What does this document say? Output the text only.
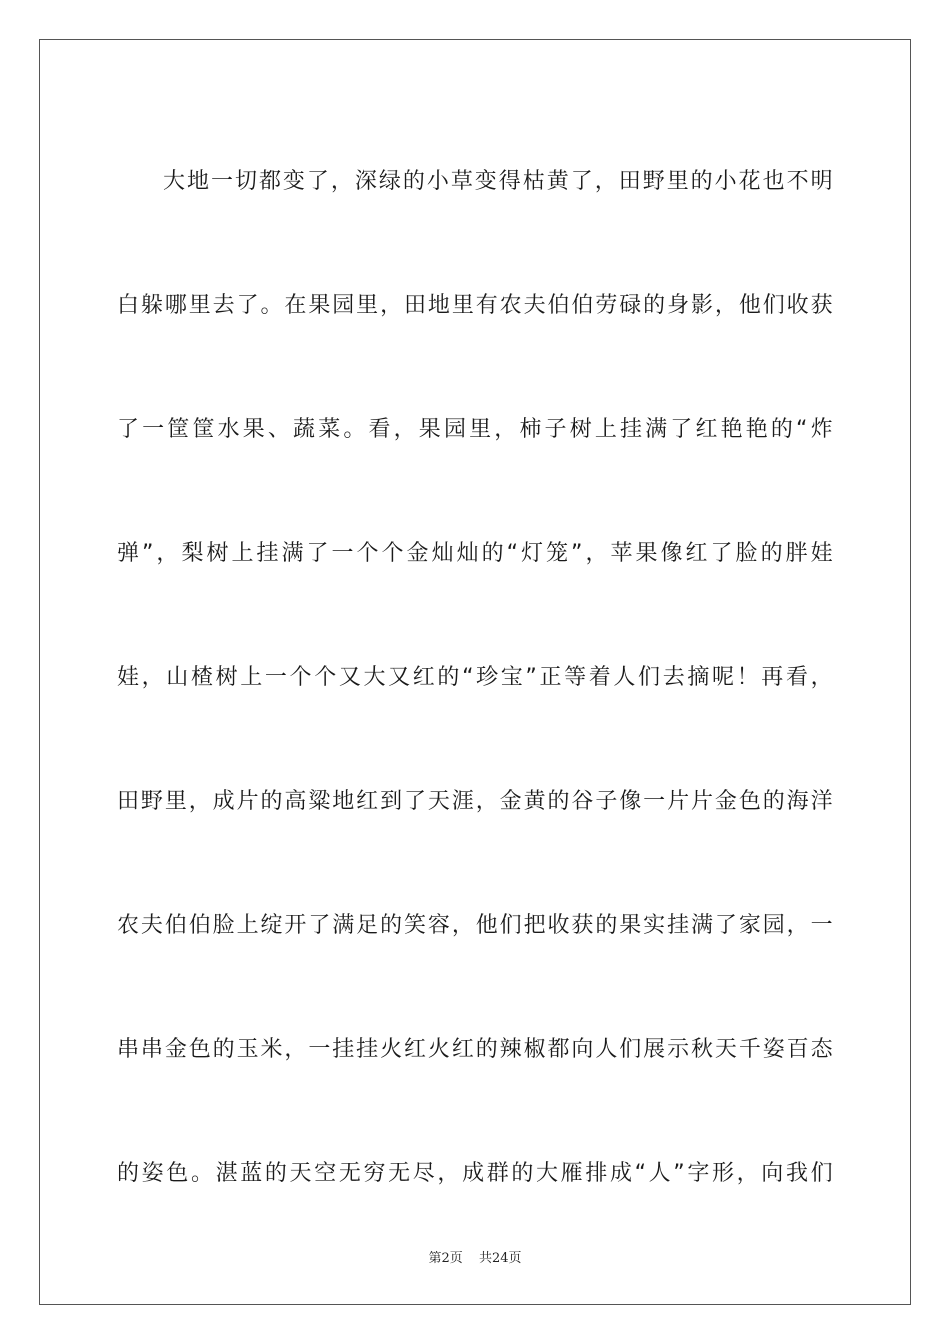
大地一切都变了，深绿的小草变得枯黄了，田野里的小花也不明
白躲哪里去了。在果园里，田地里有农夫伯伯劳碌的身影，他们收获
了一筐筐水果、蔬菜。看，果园里，柿子树上挂满了红艳艳的“炸
弹”，梨树上挂满了一个个金灿灿的“灯笼”，苹果像红了脸的胖娃
娃，山楂树上一个个又大又红的“珍宝”正等着人们去摘呢！再看，
田野里，成片的高粱地红到了天涯，金黄的谷子像一片片金色的海洋
农夫伯伯脸上绽开了满足的笑容，他们把收获的果实挂满了家园，一
串串金色的玉米，一挂挂火红火红的辣椒都向人们展示秋天千姿百态
的姿色。湛蓝的天空无穷无尽，成群的大雁排成“人”字形，向我们
第2页 共24页
